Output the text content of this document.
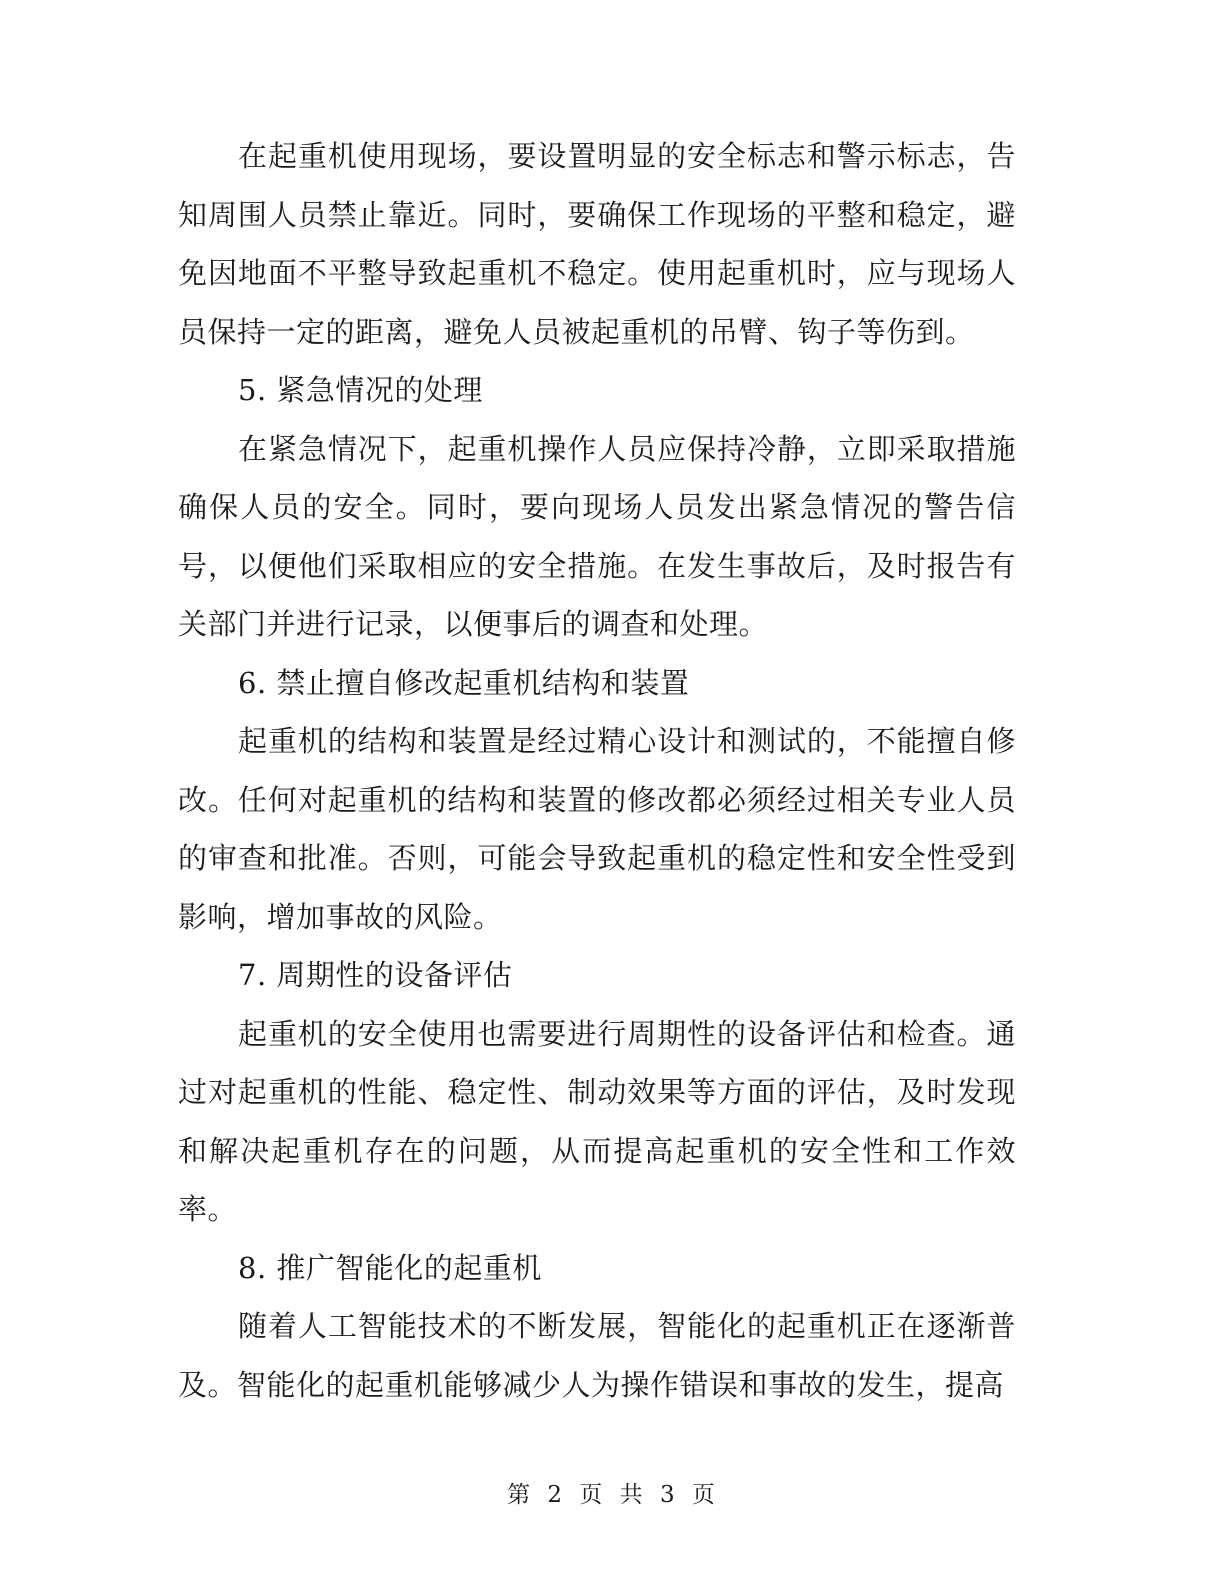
在起重机使用现场，要设置明显的安全标志和警示标志，告知周围人员禁止靠近。同时，要确保工作现场的平整和稳定，避免因地面不平整导致起重机不稳定。使用起重机时，应与现场人员保持一定的距离，避免人员被起重机的吊臂、钩子等伤到。

5. 紧急情况的处理

在紧急情况下，起重机操作人员应保持冷静，立即采取措施确保人员的安全。同时，要向现场人员发出紧急情况的警告信号，以便他们采取相应的安全措施。在发生事故后，及时报告有关部门并进行记录，以便事后的调查和处理。

6. 禁止擅自修改起重机结构和装置

起重机的结构和装置是经过精心设计和测试的，不能擅自修改。任何对起重机的结构和装置的修改都必须经过相关专业人员的审查和批准。否则，可能会导致起重机的稳定性和安全性受到影响，增加事故的风险。

7. 周期性的设备评估

起重机的安全使用也需要进行周期性的设备评估和检查。通过对起重机的性能、稳定性、制动效果等方面的评估，及时发现和解决起重机存在的问题，从而提高起重机的安全性和工作效率。

8. 推广智能化的起重机

随着人工智能技术的不断发展，智能化的起重机正在逐渐普及。智能化的起重机能够减少人为操作错误和事故的发生，提高

第 2 页 共 3 页
